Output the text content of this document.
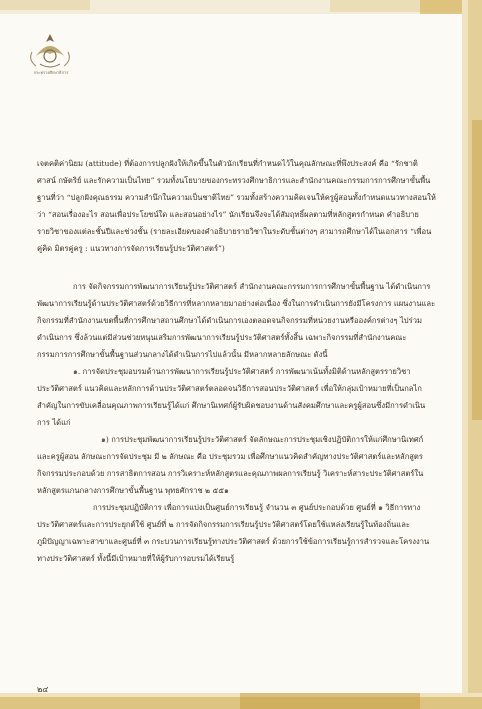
กระทรวงศึกษาธิการ

เจตคติค่านิยม (attitude) ที่ต้องการปลูกฝังให้เกิดขึ้นในตัวนักเรียนที่กำหนดไว้ในคุณลักษณะที่พึงประสงค์ คือ “รักชาติ ศาสน์ กษัตริย์ และรักความเป็นไทย” รวมทั้งนโยบายของกระทรวงศึกษาธิการและสำนักงานคณะกรรมการการศึกษาขั้นพื้นฐานที่ว่า “ปลูกฝังคุณธรรม ความสำนึกในความเป็นชาติไทย” รวมทั้งสร้างความคิดเจนให้ครูผู้สอนทั้งกำหนดแนวทางสอนให้ว่า “สอนเรื่องอะไร สอนเพื่อประโยชน์ใด และสอนอย่างไร” นักเรียนจึงจะได้สัมฤทธิ์ผลตามที่หลักสูตรกำหนด คำอธิบายรายวิชาของแต่ละชั้นปีและช่วงชั้น (รายละเอียดของคำอธิบายรายวิชาในระดับชั้นต่างๆ สามารถศึกษาได้ในเอกสาร “เพื่อนคู่คิด มิตรคู่ครู : แนวทางการจัดการเรียนรู้ประวัติศาสตร์”)

การ จัดกิจกรรมการพัฒนาการเรียนรู้ประวัติศาสตร์ สำนักงานคณะกรรมการการศึกษาขั้นพื้นฐาน ได้ดำเนินการพัฒนาการเรียนรู้ด้านประวัติศาสตร์ด้วยวิธีการที่หลากหลายมาอย่างต่อเนื่อง ซึ่งในการดำเนินการยังมีโครงการ แผนงานและกิจกรรมที่สำนักงานเขตพื้นที่การศึกษาสถานศึกษาได้ดำเนินการเองตลอดจนกิจกรรมที่หน่วยงานหรือองค์กรต่างๆ ไปร่วมดำเนินการ ซึ่งล้วนแต่มีส่วนช่วยหนุนเสริมการพัฒนาการเรียนรู้ประวัติศาสตร์ทั้งสิ้น เฉพาะกิจกรรมที่สำนักงานคณะกรรมการการศึกษาขั้นพื้นฐานส่วนกลางได้ดำเนินการไปแล้วนั้น มีหลากหลายลักษณะ ดังนี้

๑. การจัดประชุมอบรมด้านการพัฒนาการเรียนรู้ประวัติศาสตร์ การพัฒนาเน้นทั้งมิติด้านหลักสูตรรายวิชาประวัติศาสตร์ แนวคิดและหลักการด้านประวัติศาสตร์ตลอดจนวิธีการสอนประวัติศาสตร์ เพื่อให้กลุ่มเป้าหมายที่เป็นกลไกสำคัญในการขับเคลื่อนคุณภาพการเรียนรู้ได้แก่ ศึกษานิเทศก์ผู้รับผิดชอบงานด้านสังคมศึกษาและครูผู้สอนซึ่งมีการดำเนินการ ได้แก่

๑) การประชุมพัฒนาการเรียนรู้ประวัติศาสตร์ จัดลักษณะการประชุมเชิงปฏิบัติการให้แก่ศึกษานิเทศก์ และครูผู้สอน ลักษณะการจัดประชุม มี ๒ ลักษณะ คือ ประชุมรวม เพื่อศึกษาแนวคิดสำคัญทางประวัติศาสตร์และหลักสูตร กิจกรรมประกอบด้วย การสาธิตการสอน การวิเคราะห์หลักสูตรและคุณภาพผลการเรียนรู้ วิเคราะห์สาระประวัติศาสตร์ในหลักสูตรแกนกลางการศึกษาขั้นพื้นฐาน พุทธศักราช ๒ ๕๕๑

การประชุมปฏิบัติการ เพื่อการแบ่งเป็นศูนย์การเรียนรู้ จำนวน ๓ ศูนย์ประกอบด้วย ศูนย์ที่ ๑ วิธีการทางประวัติศาสตร์และการประยุกต์ใช้ ศูนย์ที่ ๒ การจัดกิจกรรมการเรียนรู้ประวัติศาสตร์โดยใช้แหล่งเรียนรู้ในท้องถิ่นและภูมิปัญญาเฉพาะสาขาและศูนย์ที่ ๓ กระบวนการเรียนรู้ทางประวัติศาสตร์ ด้วยการใช้ข้อการเรียนรู้การสำรวจและโครงงานทางประวัติศาสตร์ ทั้งนี้มีเป้าหมายที่ให้ผู้รับการอบรมได้เรียนรู้

๒๔
